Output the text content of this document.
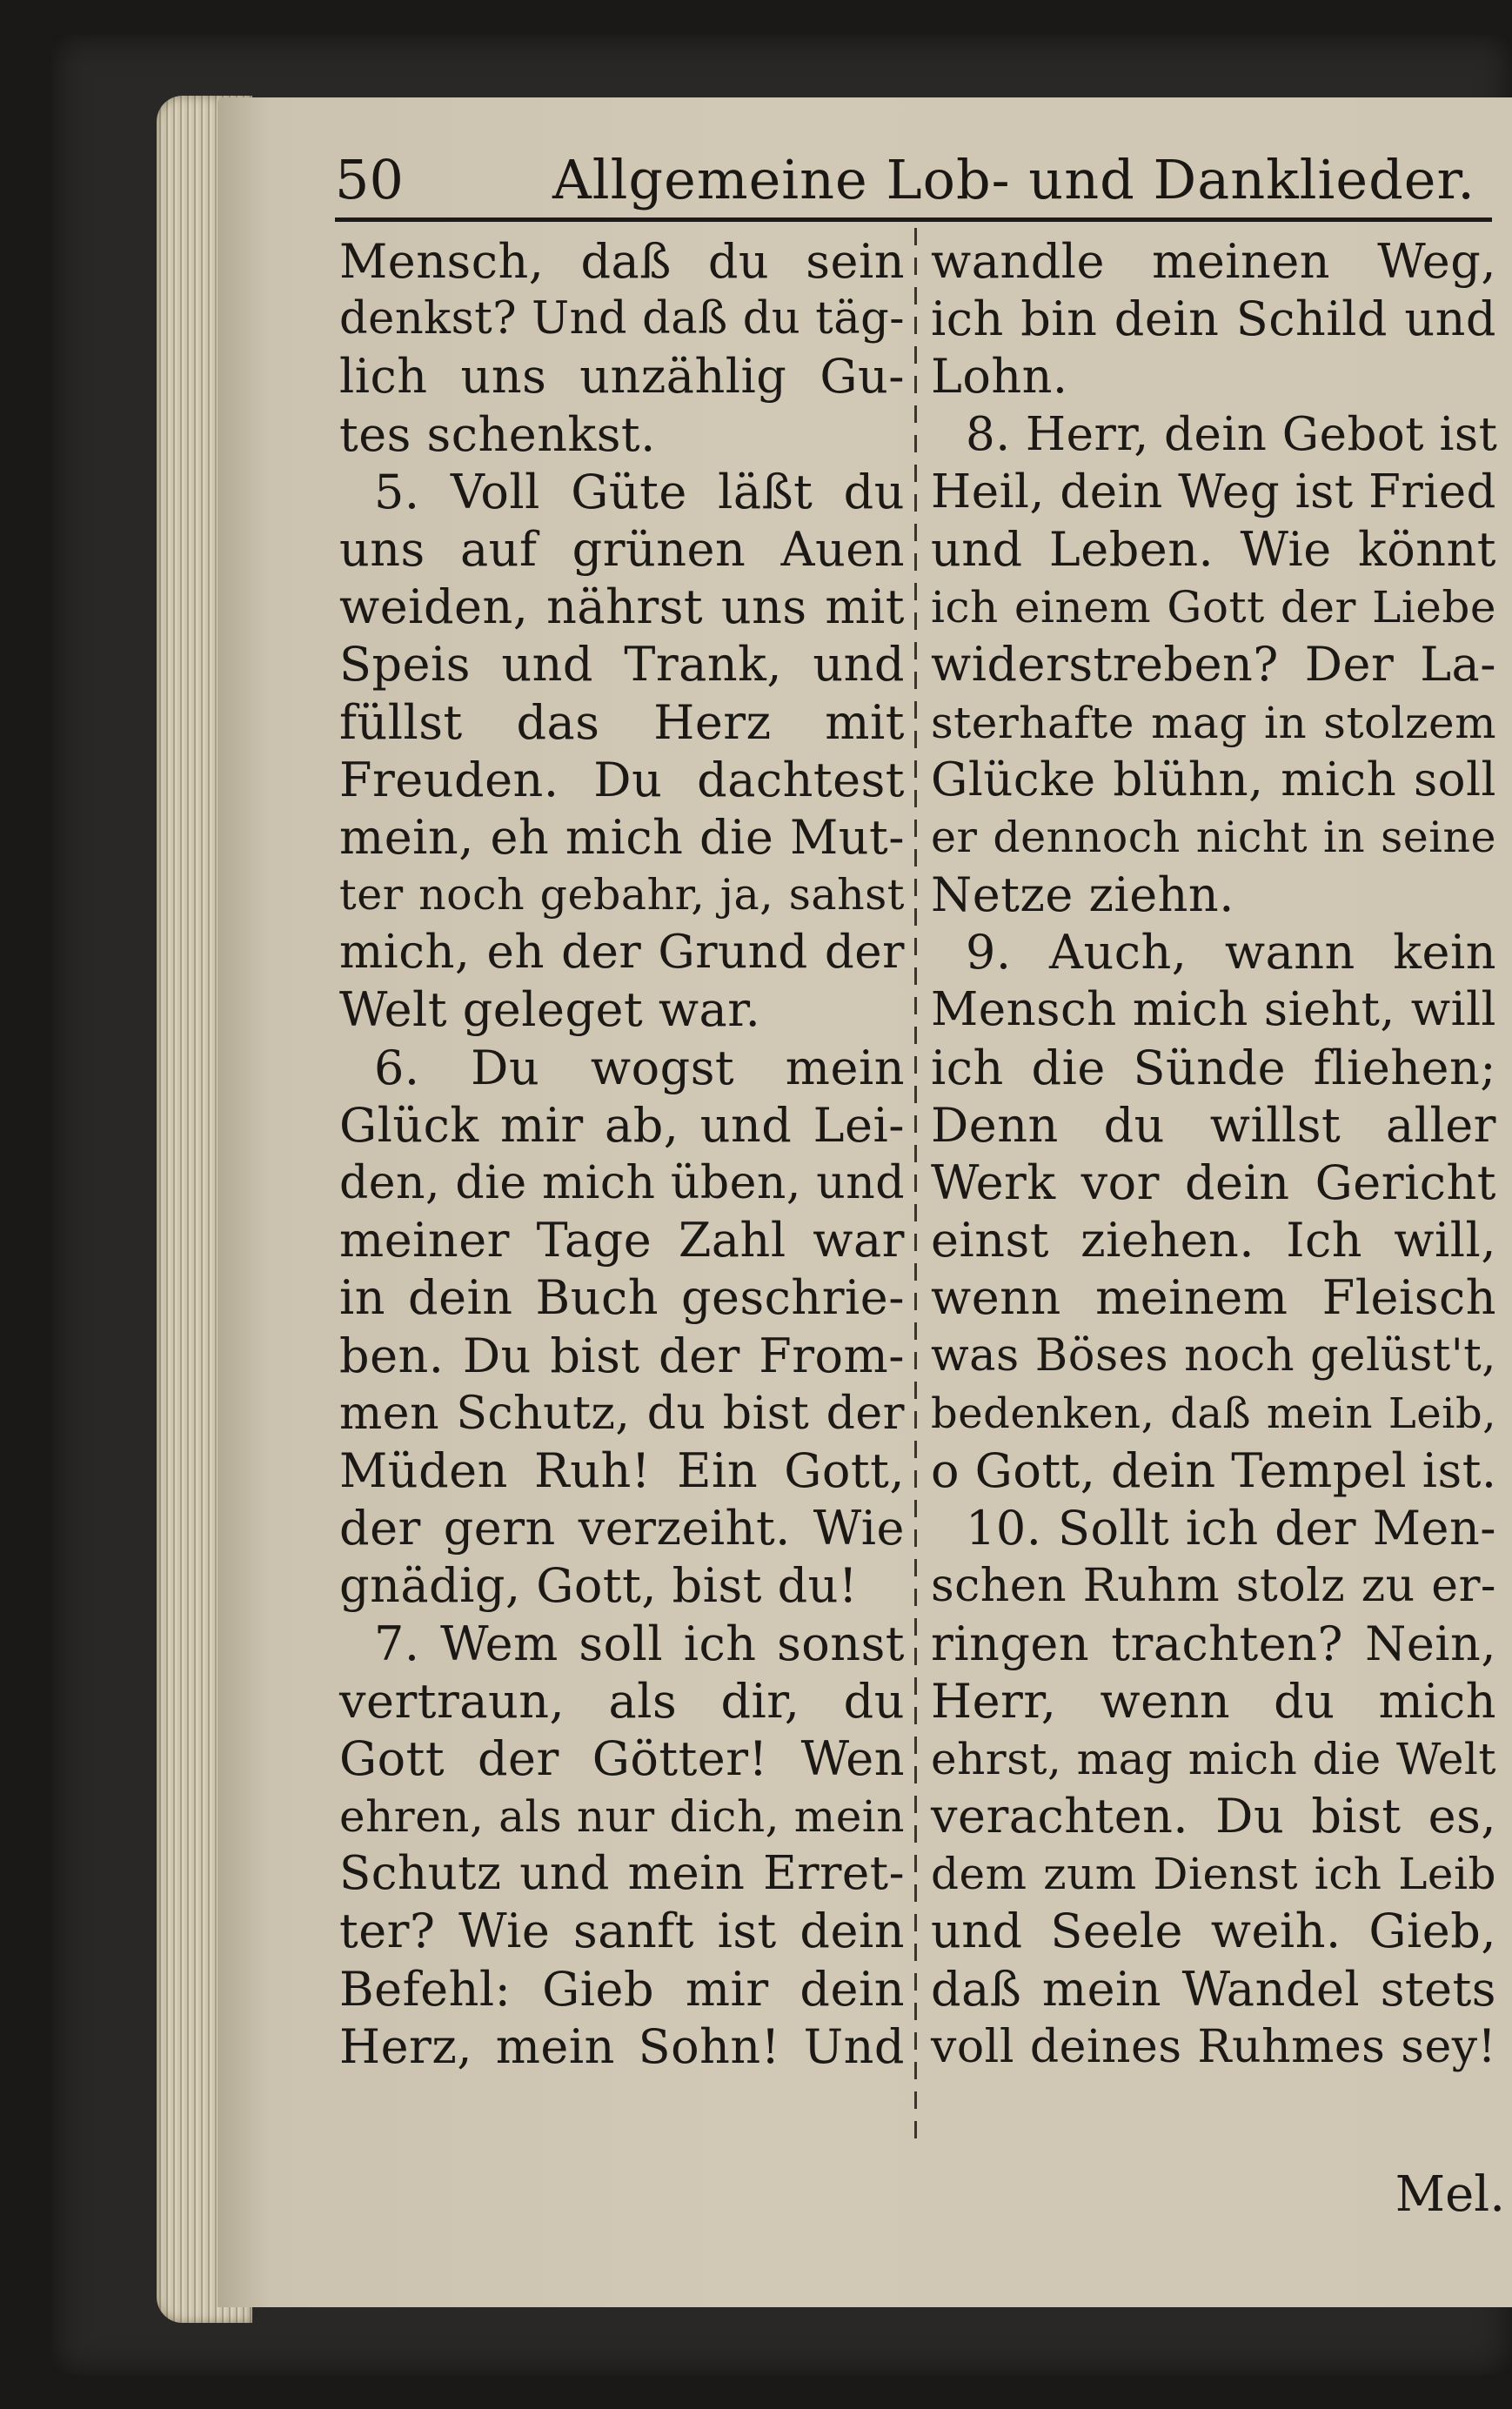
50	Allgemeine Lob- und Danklieder.
Mensch, daß du sein
denkst? Und daß du täg-
lich uns unzählig Gu-
tes schenkst.
5. Voll Güte läßt du
uns auf grünen Auen
weiden, nährst uns mit
Speis und Trank, und
füllst das Herz mit
Freuden. Du dachtest
mein, eh mich die Mut-
ter noch gebahr, ja, sahst
mich, eh der Grund der
Welt geleget war.
6. Du wogst mein
Glück mir ab, und Lei-
den, die mich üben, und
meiner Tage Zahl war
in dein Buch geschrie-
ben. Du bist der From-
men Schutz, du bist der
Müden Ruh! Ein Gott,
der gern verzeiht. Wie
gnädig, Gott, bist du!
7. Wem soll ich sonst
vertraun, als dir, du
Gott der Götter! Wen
ehren, als nur dich, mein
Schutz und mein Erret-
ter? Wie sanft ist dein
Befehl: Gieb mir dein
Herz, mein Sohn! Und
wandle meinen Weg,
ich bin dein Schild und
Lohn.
8. Herr, dein Gebot ist
Heil, dein Weg ist Fried
und Leben. Wie könnt
ich einem Gott der Liebe
widerstreben? Der La-
sterhafte mag in stolzem
Glücke blühn, mich soll
er dennoch nicht in seine
Netze ziehn.
9. Auch, wann kein
Mensch mich sieht, will
ich die Sünde fliehen;
Denn du willst aller
Werk vor dein Gericht
einst ziehen. Ich will,
wenn meinem Fleisch
was Böses noch gelüst't,
bedenken, daß mein Leib,
o Gott, dein Tempel ist.
10. Sollt ich der Men-
schen Ruhm stolz zu er-
ringen trachten? Nein,
Herr, wenn du mich
ehrst, mag mich die Welt
verachten. Du bist es,
dem zum Dienst ich Leib
und Seele weih. Gieb,
daß mein Wandel stets
voll deines Ruhmes sey!
Mel.
